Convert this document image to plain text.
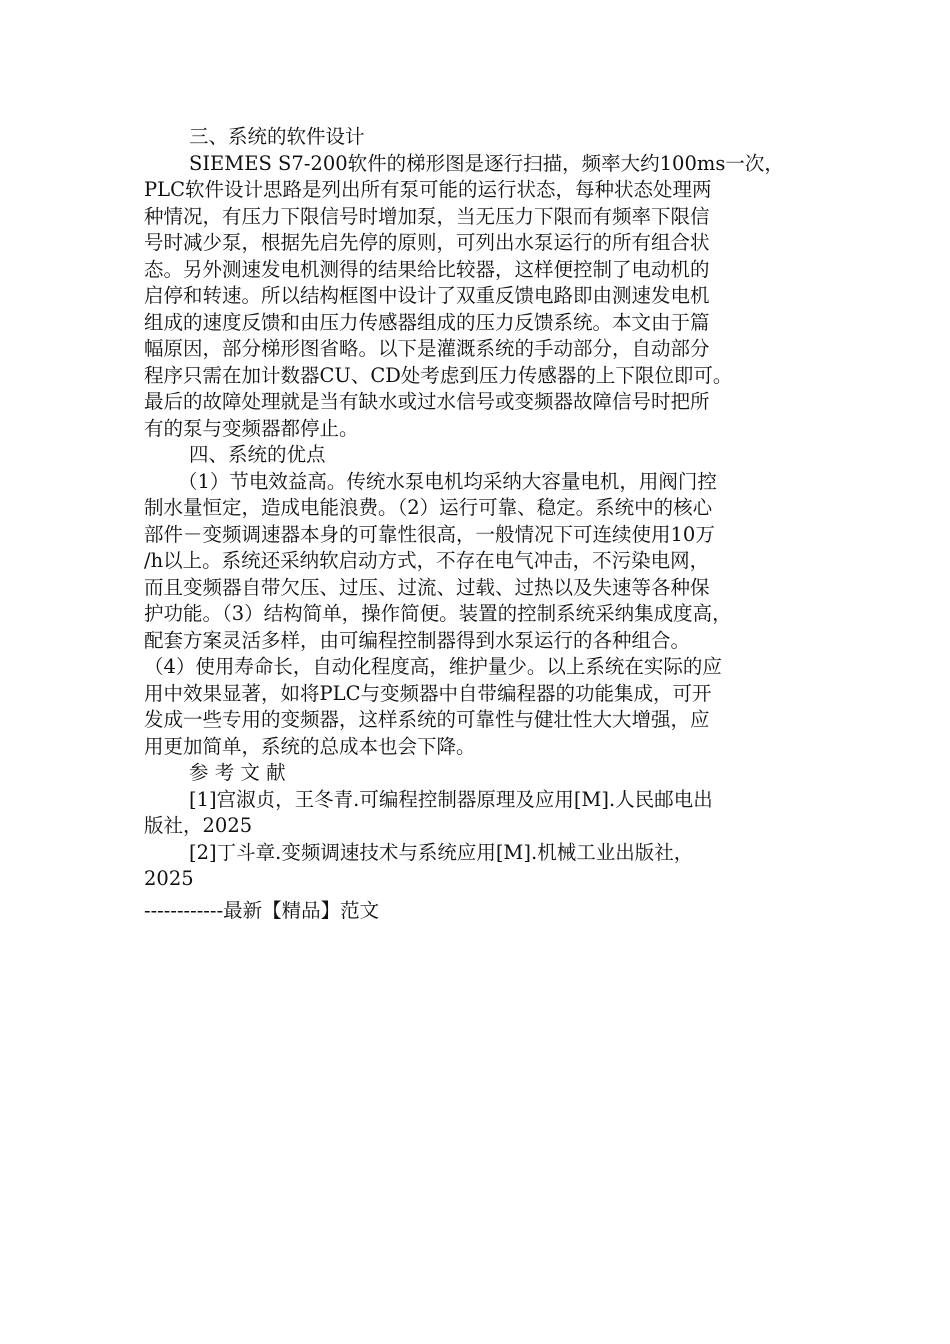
三、系统的软件设计
SIEMES S7-200软件的梯形图是逐行扫描，频率大约100ms一次，
PLC软件设计思路是列出所有泵可能的运行状态，每种状态处理两
种情况，有压力下限信号时增加泵，当无压力下限而有频率下限信
号时减少泵，根据先启先停的原则，可列出水泵运行的所有组合状
态。另外测速发电机测得的结果给比较器，这样便控制了电动机的
启停和转速。所以结构框图中设计了双重反馈电路即由测速发电机
组成的速度反馈和由压力传感器组成的压力反馈系统。本文由于篇
幅原因，部分梯形图省略。以下是灌溉系统的手动部分，自动部分
程序只需在加计数器CU、CD处考虑到压力传感器的上下限位即可。
最后的故障处理就是当有缺水或过水信号或变频器故障信号时把所
有的泵与变频器都停止。
四、系统的优点
（1）节电效益高。传统水泵电机均采纳大容量电机，用阀门控
制水量恒定，造成电能浪费。（2）运行可靠、稳定。系统中的核心
部件－变频调速器本身的可靠性很高，一般情况下可连续使用10万
/h以上。系统还采纳软启动方式，不存在电气冲击，不污染电网，
而且变频器自带欠压、过压、过流、过载、过热以及失速等各种保
护功能。（3）结构简单，操作简便。装置的控制系统采纳集成度高，
配套方案灵活多样，由可编程控制器得到水泵运行的各种组合。
（4）使用寿命长，自动化程度高，维护量少。以上系统在实际的应
用中效果显著，如将PLC与变频器中自带编程器的功能集成，可开
发成一些专用的变频器，这样系统的可靠性与健壮性大大增强，应
用更加简单，系统的总成本也会下降。
参 考 文 献
[1]宫淑贞，王冬青.可编程控制器原理及应用[M].人民邮电出
版社，2025
[2]丁斗章.变频调速技术与系统应用[M].机械工业出版社，
2025
------------最新【精品】范文
